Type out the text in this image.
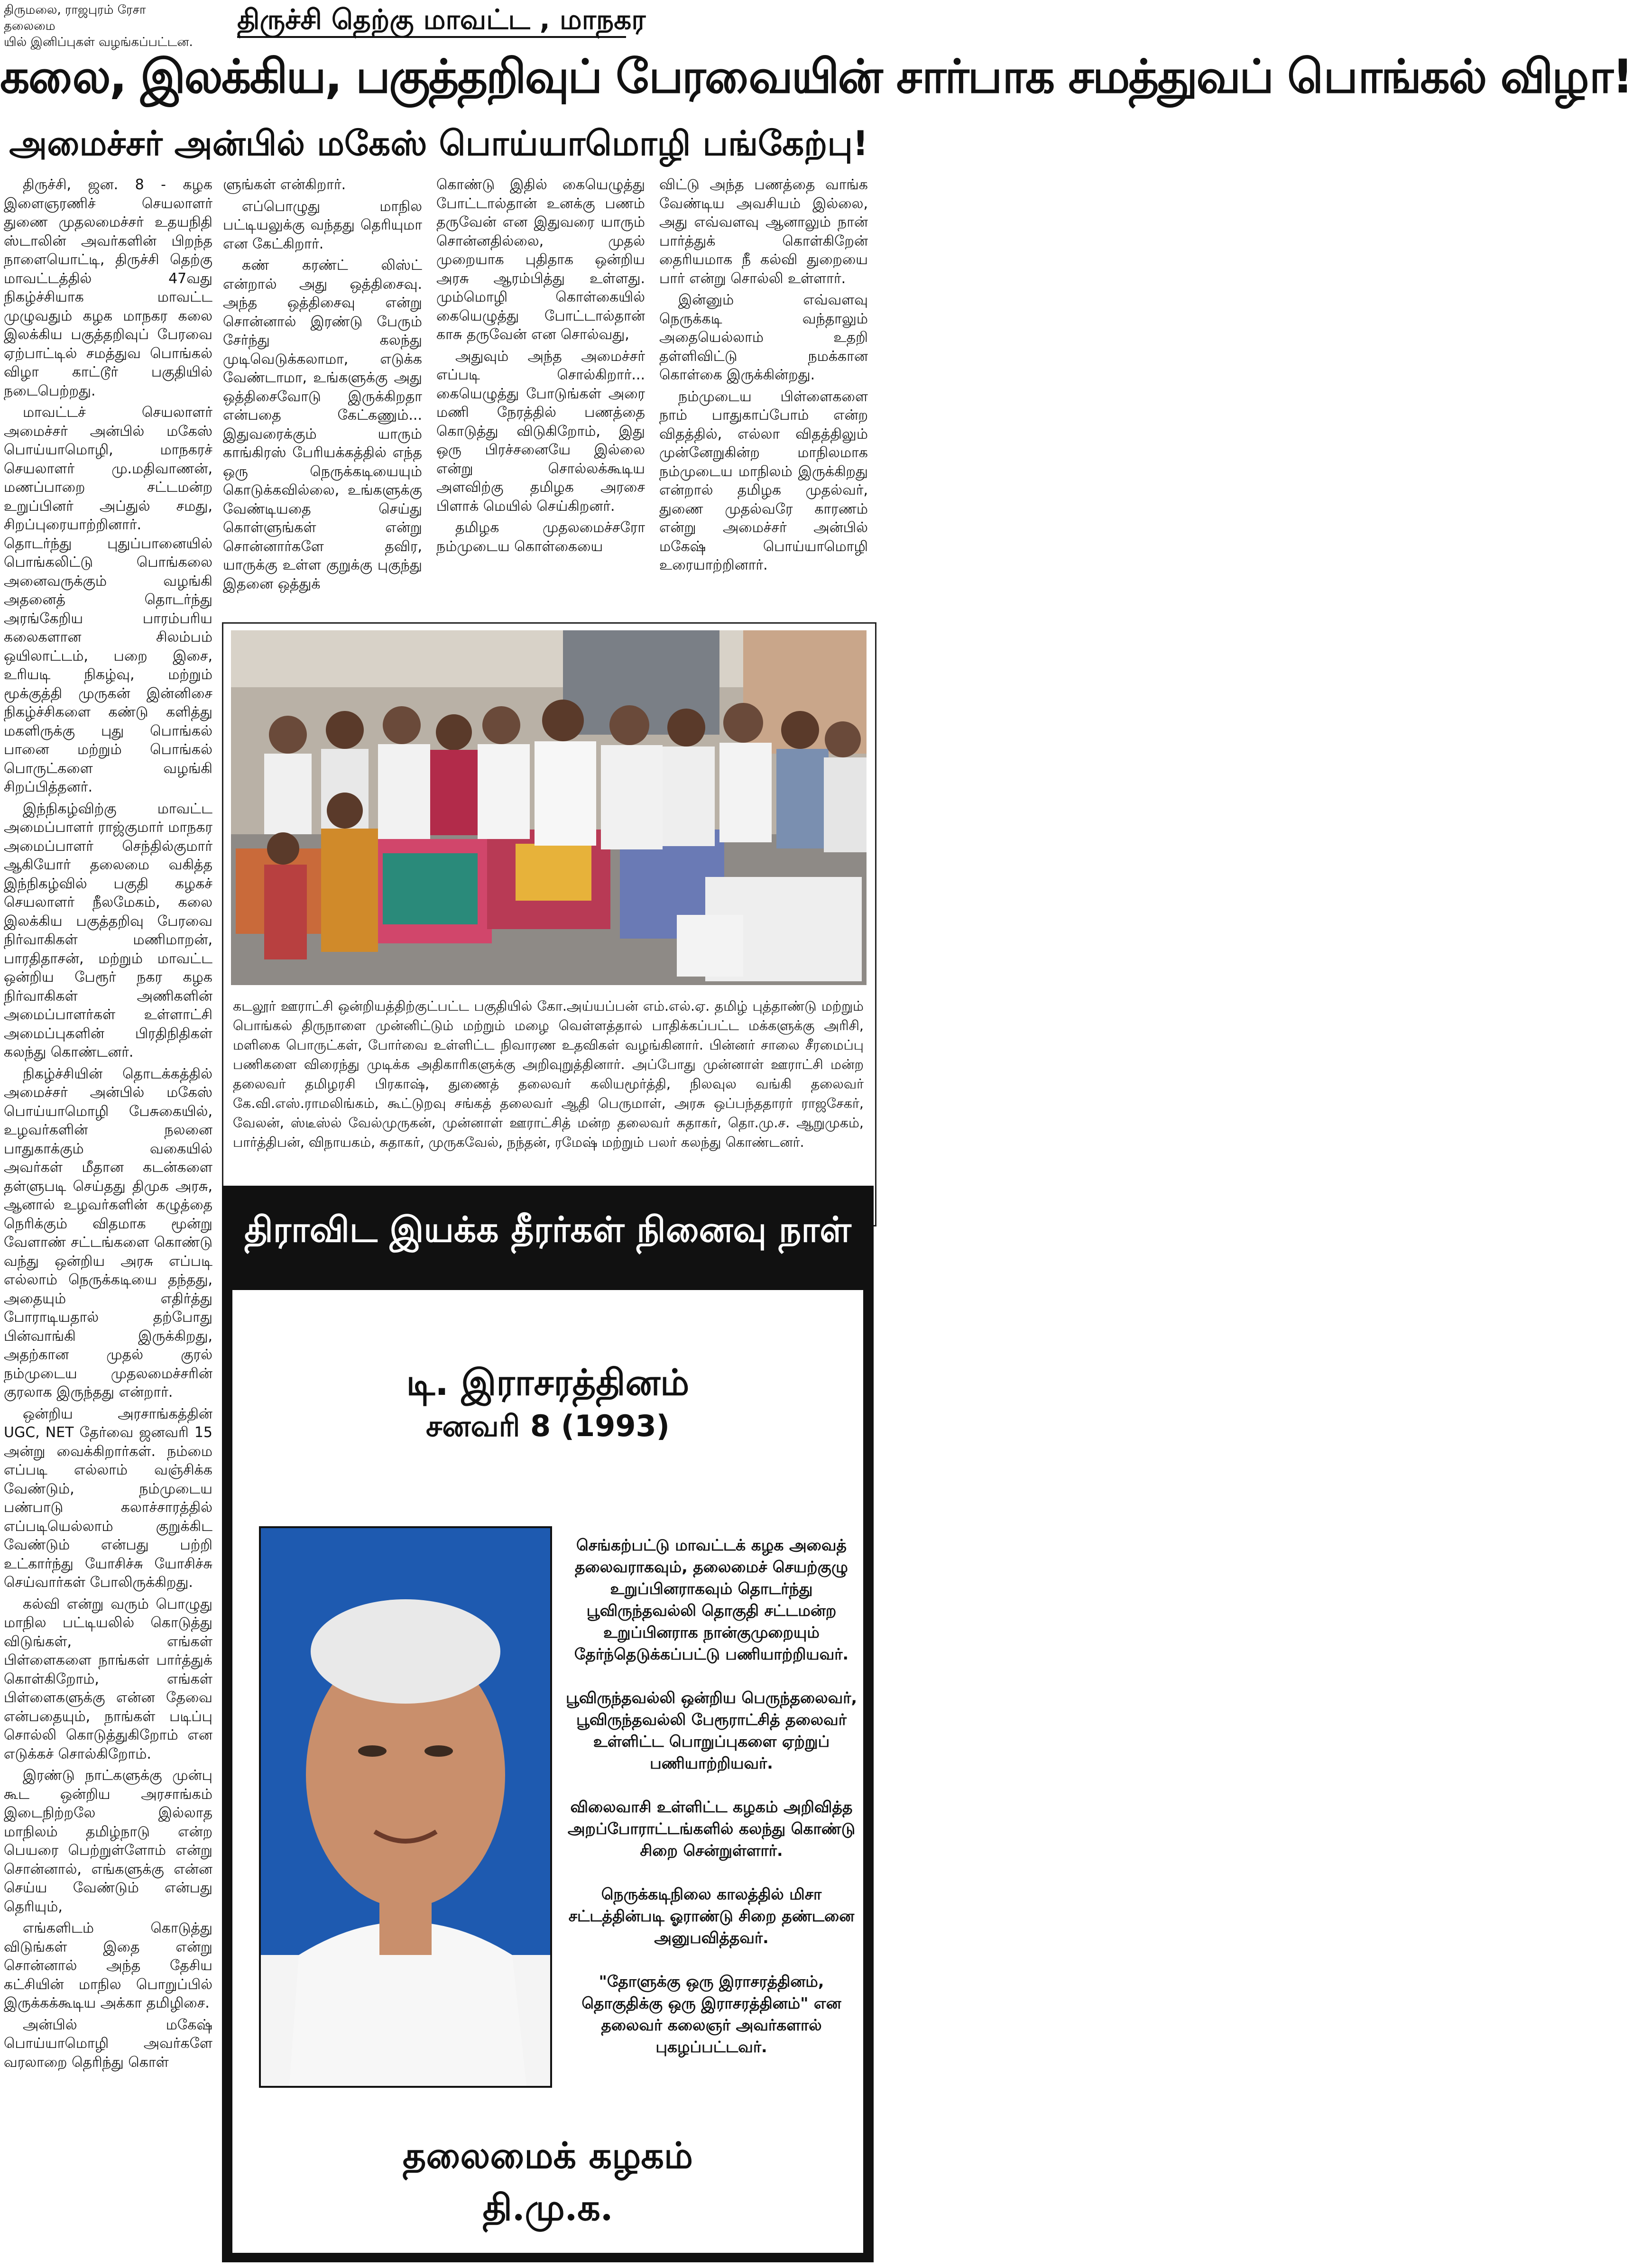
திருமலை, ராஜபுரம் ரேசா தலைமை
யில் இனிப்புகள் வழங்கப்பட்டன.
திருச்சி தெற்கு மாவட்ட , மாநகர
கலை, இலக்கிய, பகுத்தறிவுப் பேரவையின் சார்பாக சமத்துவப் பொங்கல் விழா!
அமைச்சர் அன்பில் மகேஸ் பொய்யாமொழி பங்கேற்பு!

திருச்சி, ஜன. 8 - கழக இளைஞரணிச் செயலாளர் துணை முதலமைச்சர் உதயநிதி ஸ்டாலின் அவர்களின் பிறந்த நாளையொட்டி, திருச்சி தெற்கு மாவட்டத்தில் 47வது நிகழ்ச்சியாக மாவட்ட முழுவதும் கழக மாநகர கலை இலக்கிய பகுத்தறிவுப் பேரவை ஏற்பாட்டில் சமத்துவ பொங்கல் விழா காட்டூர் பகுதியில் நடைபெற்றது.

மாவட்டச் செயலாளர் அமைச்சர் அன்பில் மகேஸ் பொய்யாமொழி, மாநகரச் செயலாளர் மு.மதிவாணன், மணப்பாறை சட்டமன்ற உறுப்பினர் அப்துல் சமது, சிறப்புரையாற்றினார். தொடர்ந்து புதுப்பானையில் பொங்கலிட்டு பொங்கலை அனைவருக்கும் வழங்கி அதனைத் தொடர்ந்து அரங்கேறிய பாரம்பரிய கலைகளான சிலம்பம் ஒயிலாட்டம், பறை இசை, உரியடி நிகழ்வு, மற்றும் மூக்குத்தி முருகன் இன்னிசை நிகழ்ச்சிகளை கண்டு களித்து மகளிருக்கு புது பொங்கல் பானை மற்றும் பொங்கல் பொருட்களை வழங்கி சிறப்பித்தனர்.

இந்நிகழ்விற்கு மாவட்ட அமைப்பாளர் ராஜ்குமார் மாநகர அமைப்பாளர் செந்தில்குமார் ஆகியோர் தலைமை வகித்த இந்நிகழ்வில் பகுதி கழகச் செயலாளர் நீலமேகம், கலை இலக்கிய பகுத்தறிவு பேரவை நிர்வாகிகள் மணிமாறன், பாரதிதாசன், மற்றும் மாவட்ட ஒன்றிய பேரூர் நகர கழக நிர்வாகிகள் அணிகளின் அமைப்பாளர்கள் உள்ளாட்சி அமைப்புகளின் பிரதிநிதிகள் கலந்து கொண்டனர்.

நிகழ்ச்சியின் தொடக்கத்தில் அமைச்சர் அன்பில் மகேஸ் பொய்யாமொழி பேசுகையில், உழவர்களின் நலனை பாதுகாக்கும் வகையில் அவர்கள் மீதான கடன்களை தள்ளுபடி செய்தது திமுக அரசு, ஆனால் உழவர்களின் கழுத்தை நெரிக்கும் விதமாக மூன்று வேளாண் சட்டங்களை கொண்டு வந்து ஒன்றிய அரசு எப்படி எல்லாம் நெருக்கடியை தந்தது, அதையும் எதிர்த்து போராடியதால் தற்போது பின்வாங்கி இருக்கிறது, அதற்கான முதல் குரல் நம்முடைய முதலமைச்சரின் குரலாக இருந்தது என்றார்.

ஒன்றிய அரசாங்கத்தின் UGC, NET தேர்வை ஜனவரி 15 அன்று வைக்கிறார்கள். நம்மை எப்படி எல்லாம் வஞ்சிக்க வேண்டும், நம்முடைய பண்பாடு கலாச்சாரத்தில் எப்படியெல்லாம் குறுக்கிட வேண்டும் என்பது பற்றி உட்கார்ந்து யோசிச்சு யோசிச்சு செய்வார்கள் போலிருக்கிறது.

கல்வி என்று வரும் பொழுது மாநில பட்டியலில் கொடுத்து விடுங்கள், எங்கள் பிள்ளைகளை நாங்கள் பார்த்துக் கொள்கிறோம், எங்கள் பிள்ளைகளுக்கு என்ன தேவை என்பதையும், நாங்கள் படிப்பு சொல்லி கொடுத்துகிறோம் என எடுக்கச் சொல்கிறோம்.

இரண்டு நாட்களுக்கு முன்பு கூட ஒன்றிய அரசாங்கம் இடைநிற்றலே இல்லாத மாநிலம் தமிழ்நாடு என்ற பெயரை பெற்றுள்ளோம் என்று சொன்னால், எங்களுக்கு என்ன செய்ய வேண்டும் என்பது தெரியும்,

எங்களிடம் கொடுத்து விடுங்கள் இதை என்று சொன்னால் அந்த தேசிய கட்சியின் மாநில பொறுப்பில் இருக்கக்கூடிய அக்கா தமிழிசை.

அன்பில் மகேஷ் பொய்யாமொழி அவர்களே வரலாறை தெரிந்து கொள்

ளுங்கள் என்கிறார்.

எப்பொழுது மாநில பட்டியலுக்கு வந்தது தெரியுமா என கேட்கிறார்.

கண் கரண்ட் லிஸ்ட் என்றால் அது ஒத்திசைவு. அந்த ஒத்திசைவு என்று சொன்னால் இரண்டு பேரும் சேர்ந்து கலந்து முடிவெடுக்கலாமா, எடுக்க வேண்டாமா, உங்களுக்கு அது ஒத்திசைவோடு இருக்கிறதா என்பதை கேட்கணும்... இதுவரைக்கும் யாரும் காங்கிரஸ் பேரியக்கத்தில் எந்த ஒரு நெருக்கடியையும் கொடுக்கவில்லை, உங்களுக்கு வேண்டியதை செய்து கொள்ளுங்கள் என்று சொன்னார்களே தவிர, யாருக்கு உள்ள குறுக்கு புகுந்து இதனை ஒத்துக்

கொண்டு இதில் கையெழுத்து போட்டால்தான் உனக்கு பணம் தருவேன் என இதுவரை யாரும் சொன்னதில்லை, முதல் முறையாக புதிதாக ஒன்றிய அரசு ஆரம்பித்து உள்ளது. மும்மொழி கொள்கையில் கையெழுத்து போட்டால்தான் காசு தருவேன் என சொல்வது,

அதுவும் அந்த அமைச்சர் எப்படி சொல்கிறார்... கையெழுத்து போடுங்கள் அரை மணி நேரத்தில் பணத்தை கொடுத்து விடுகிறோம், இது ஒரு பிரச்சனையே இல்லை என்று சொல்லக்கூடிய அளவிற்கு தமிழக அரசை பிளாக் மெயில் செய்கிறனர்.

தமிழக முதலமைச்சரோ நம்முடைய கொள்கையை

விட்டு அந்த பணத்தை வாங்க வேண்டிய அவசியம் இல்லை, அது எவ்வளவு ஆனாலும் நான் பார்த்துக் கொள்கிறேன் தைரியமாக நீ கல்வி துறையை பார் என்று சொல்லி உள்ளார்.

இன்னும் எவ்வளவு நெருக்கடி வந்தாலும் அதையெல்லாம் உதறி தள்ளிவிட்டு நமக்கான கொள்கை இருக்கின்றது.

நம்முடைய பிள்ளைகளை நாம் பாதுகாப்போம் என்ற விதத்தில், எல்லா விதத்திலும் முன்னேறுகின்ற மாநிலமாக நம்முடைய மாநிலம் இருக்கிறது என்றால் தமிழக முதல்வர், துணை முதல்வரே காரணம் என்று அமைச்சர் அன்பில் மகேஷ் பொய்யாமொழி உரையாற்றினார்.

கடலூர் ஊராட்சி ஒன்றியத்திற்குட்பட்ட பகுதியில் கோ.அய்யப்பன் எம்.எல்.ஏ. தமிழ் புத்தாண்டு மற்றும் பொங்கல் திருநாளை முன்னிட்டும் மற்றும் மழை வெள்ளத்தால் பாதிக்கப்பட்ட மக்களுக்கு அரிசி, மளிகை பொருட்கள், போர்வை உள்ளிட்ட நிவாரண உதவிகள் வழங்கினார். பின்னர் சாலை சீரமைப்பு பணிகளை விரைந்து முடிக்க அதிகாரிகளுக்கு அறிவுறுத்தினார். அப்போது முன்னாள் ஊராட்சி மன்ற தலைவர் தமிழரசி பிரகாஷ், துணைத் தலைவர் கலியமூர்த்தி, நிலவுல வங்கி தலைவர் கே.வி.எஸ்.ராமலிங்கம், கூட்டுறவு சங்கத் தலைவர் ஆதி பெருமாள், அரசு ஒப்பந்ததாரர் ராஜசேகர், வேலன், ஸ்டீஸ்ல் வேல்முருகன், முன்னாள் ஊராட்சித் மன்ற தலைவர் சுதாகர், தொ.மு.ச. ஆறுமுகம், பார்த்திபன், விநாயகம், சுதாகர், முருகவேல், நந்தன், ரமேஷ் மற்றும் பலர் கலந்து கொண்டனர்.
திராவிட இயக்க தீரர்கள் நினைவு நாள்
டி. இராசரத்தினம்
சனவரி 8 (1993)

செங்கற்பட்டு மாவட்டக் கழக அவைத் தலைவராகவும், தலைமைச் செயற்குழு உறுப்பினராகவும் தொடர்ந்து பூவிருந்தவல்லி தொகுதி சட்டமன்ற உறுப்பினராக நான்குமுறையும் தேர்ந்தெடுக்கப்பட்டு பணியாற்றியவர்.

பூவிருந்தவல்லி ஒன்றிய பெருந்தலைவர், பூவிருந்தவல்லி பேரூராட்சித் தலைவர் உள்ளிட்ட பொறுப்புகளை ஏற்றுப் பணியாற்றியவர்.

விலைவாசி உள்ளிட்ட கழகம் அறிவித்த அறப்போராட்டங்களில் கலந்து கொண்டு சிறை சென்றுள்ளார்.

நெருக்கடிநிலை காலத்தில் மிசா சட்டத்தின்படி ஓராண்டு சிறை தண்டனை அனுபவித்தவர்.

"தோளுக்கு ஒரு இராசரத்தினம், தொகுதிக்கு ஒரு இராசரத்தினம்" என தலைவர் கலைஞர் அவர்களால் புகழப்பட்டவர்.

தலைமைக் கழகம்
தி.மு.க.
